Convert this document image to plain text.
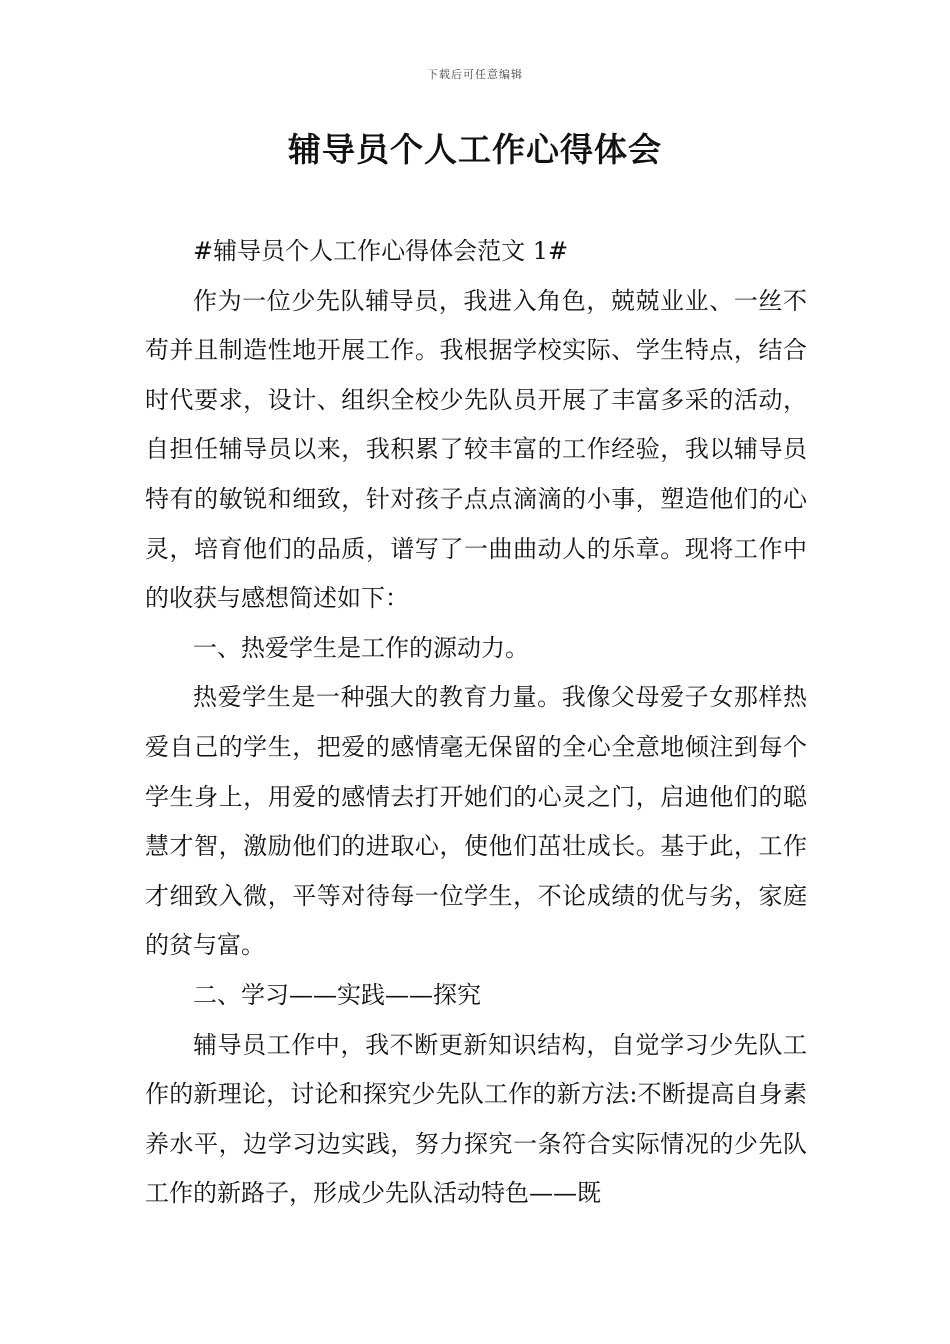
下载后可任意编辑
辅导员个人工作心得体会

#辅导员个人工作心得体会范文 1#

作为一位少先队辅导员，我进入角色，兢兢业业、一丝不苟并且制造性地开展工作。我根据学校实际、学生特点，结合时代要求，设计、组织全校少先队员开展了丰富多采的活动，自担任辅导员以来，我积累了较丰富的工作经验，我以辅导员特有的敏锐和细致，针对孩子点点滴滴的小事，塑造他们的心灵，培育他们的品质，谱写了一曲曲动人的乐章。现将工作中的收获与感想简述如下：

一、热爱学生是工作的源动力。

热爱学生是一种强大的教育力量。我像父母爱子女那样热爱自己的学生，把爱的感情毫无保留的全心全意地倾注到每个学生身上，用爱的感情去打开她们的心灵之门，启迪他们的聪慧才智，激励他们的进取心，使他们茁壮成长。基于此，工作才细致入微，平等对待每一位学生，不论成绩的优与劣，家庭的贫与富。

二、学习——实践——探究

辅导员工作中，我不断更新知识结构，自觉学习少先队工作的新理论，讨论和探究少先队工作的新方法:不断提高自身素养水平，边学习边实践，努力探究一条符合实际情况的少先队工作的新路子，形成少先队活动特色——既
